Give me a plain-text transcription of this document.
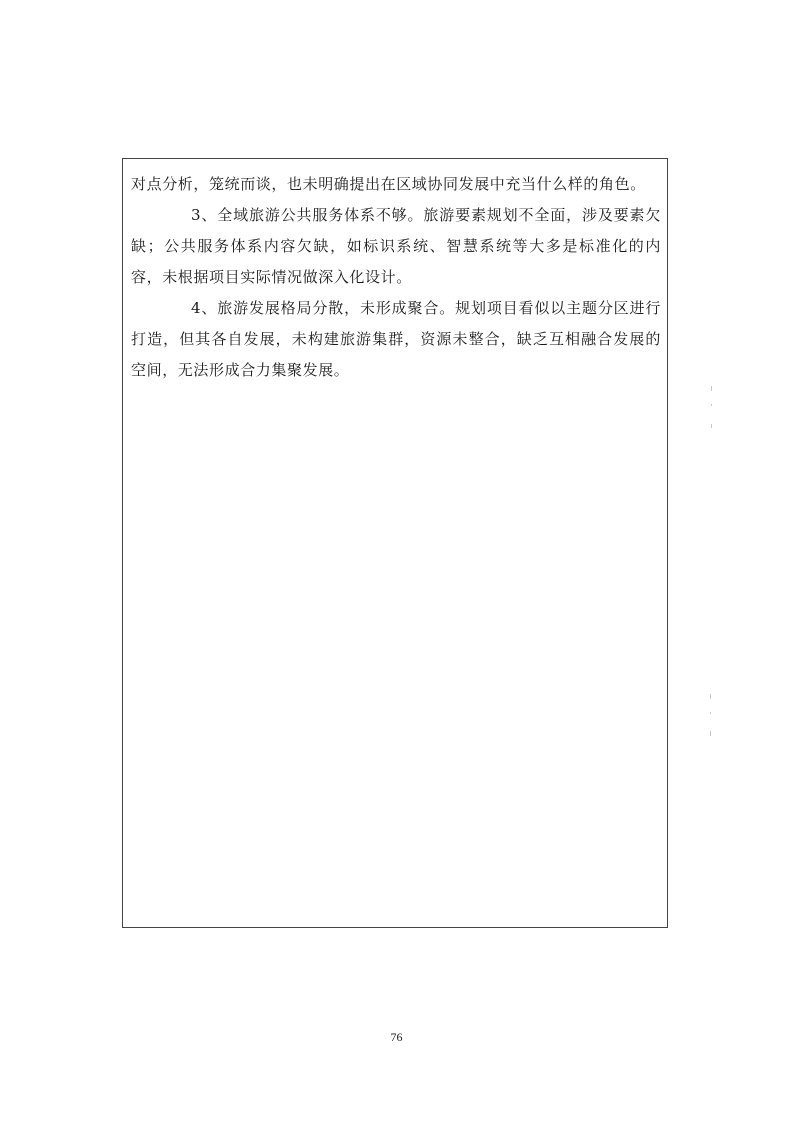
对点分析，笼统而谈，也未明确提出在区域协同发展中充当什么样的角色。

3、全域旅游公共服务体系不够。旅游要素规划不全面，涉及要素欠缺；公共服务体系内容欠缺，如标识系统、智慧系统等大多是标准化的内容，未根据项目实际情况做深入化设计。

4、旅游发展格局分散，未形成聚合。规划项目看似以主题分区进行打造，但其各自发展，未构建旅游集群，资源未整合，缺乏互相融合发展的空间，无法形成合力集聚发展。

76
